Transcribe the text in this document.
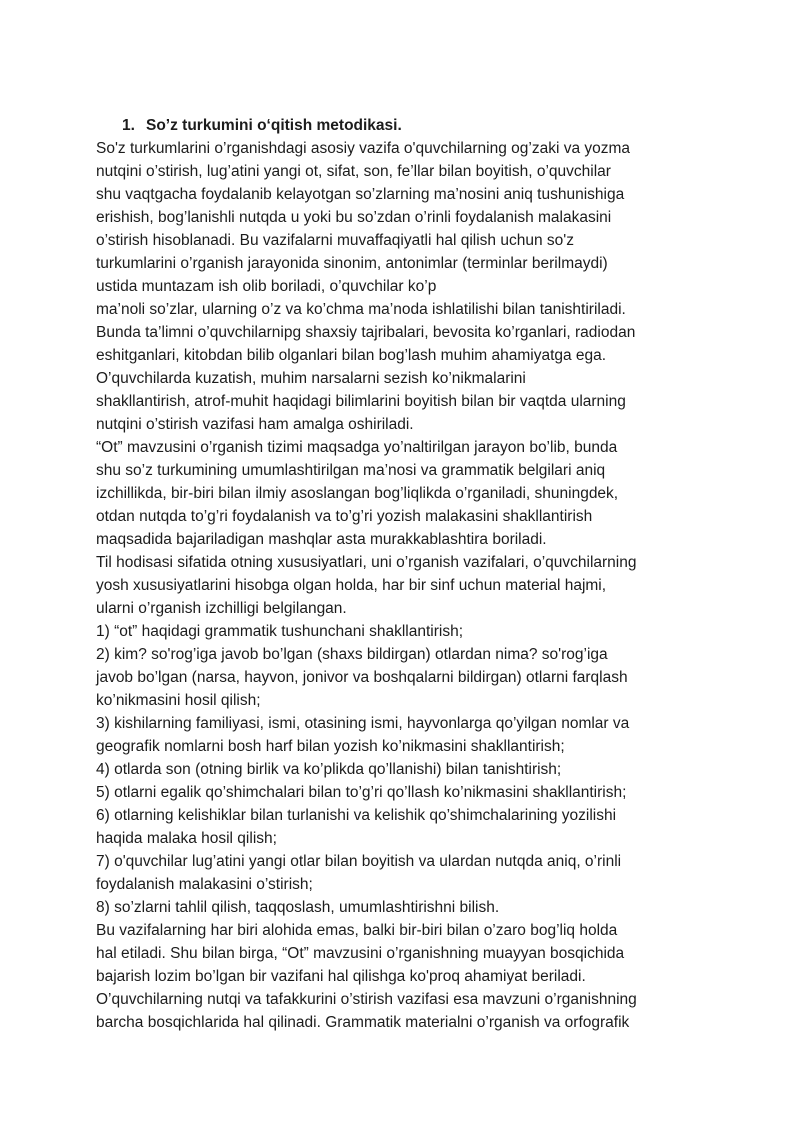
1. So’z turkumini o‘qitish metodikasi.

So'z turkumlarini o’rganishdagi asosiy vazifa o'quvchilarning og’zaki va yozma

nutqini o’stirish, lug’atini yangi ot, sifat, son, fe’llar bilan boyitish, o’quvchilar

shu vaqtgacha foydalanib kelayotgan so’zlarning ma’nosini aniq tushunishiga

erishish, bog’lanishli nutqda u yoki bu so’zdan o’rinli foydalanish malakasini

o’stirish hisoblanadi. Bu vazifalarni muvaffaqiyatli hal qilish uchun so'z

turkumlarini o’rganish jarayonida sinonim, antonimlar (terminlar berilmaydi)

ustida muntazam ish olib boriladi, o’quvchilar ko’p

ma’noli so’zlar, ularning o’z va ko’chma ma’noda ishlatilishi bilan tanishtiriladi.

Bunda ta’limni o’quvchilarnipg shaxsiy tajribalari, bevosita ko’rganlari, radiodan

eshitganlari, kitobdan bilib olganlari bilan bog’lash muhim ahamiyatga ega.

O’quvchilarda kuzatish, muhim narsalarni sezish ko’nikmalarini

shakllantirish, atrof-muhit haqidagi bilimlarini boyitish bilan bir vaqtda ularning

nutqini o’stirish vazifasi ham amalga oshiriladi.

“Ot” mavzusini o’rganish tizimi maqsadga yo’naltirilgan jarayon bo’lib, bunda

shu so’z turkumining umumlashtirilgan ma’nosi va grammatik belgilari aniq

izchillikda, bir-biri bilan ilmiy asoslangan bog’liqlikda o’rganiladi, shuningdek,

otdan nutqda to’g’ri foydalanish va to’g’ri yozish malakasini shakllantirish

maqsadida bajariladigan mashqlar asta murakkablashtira boriladi.

Til hodisasi sifatida otning xususiyatlari, uni o’rganish vazifalari, o’quvchilarning

yosh xususiyatlarini hisobga olgan holda, har bir sinf uchun material hajmi,

ularni o’rganish izchilligi belgilangan.

1) “ot” haqidagi grammatik tushunchani shakllantirish;

2) kim? so'rog’iga javob bo’lgan (shaxs bildirgan) otlardan nima? so'rog’iga

javob bo’lgan (narsa, hayvon, jonivor va boshqalarni bildirgan) otlarni farqlash

ko’nikmasini hosil qilish;

3) kishilarning familiyasi, ismi, otasining ismi, hayvonlarga qo’yilgan nomlar va

geografik nomlarni bosh harf bilan yozish ko’nikmasini shakllantirish;

4) otlarda son (otning birlik va ko’plikda qo’llanishi) bilan tanishtirish;

5) otlarni egalik qo’shimchalari bilan to’g’ri qo’llash ko’nikmasini shakllantirish;

6) otlarning kelishiklar bilan turlanishi va kelishik qo’shimchalarining yozilishi

haqida malaka hosil qilish;

7) o'quvchilar lug’atini yangi otlar bilan boyitish va ulardan nutqda aniq, o’rinli

foydalanish malakasini o’stirish;

8) so’zlarni tahlil qilish, taqqoslash, umumlashtirishni bilish.

Bu vazifalarning har biri alohida emas, balki bir-biri bilan o’zaro bog’liq holda

hal etiladi. Shu bilan birga, “Ot” mavzusini o’rganishning muayyan bosqichida

bajarish lozim bo’lgan bir vazifani hal qilishga ko'proq ahamiyat beriladi.

O’quvchilarning nutqi va tafakkurini o’stirish vazifasi esa mavzuni o’rganishning

barcha bosqichlarida hal qilinadi. Grammatik materialni o’rganish va orfografik
